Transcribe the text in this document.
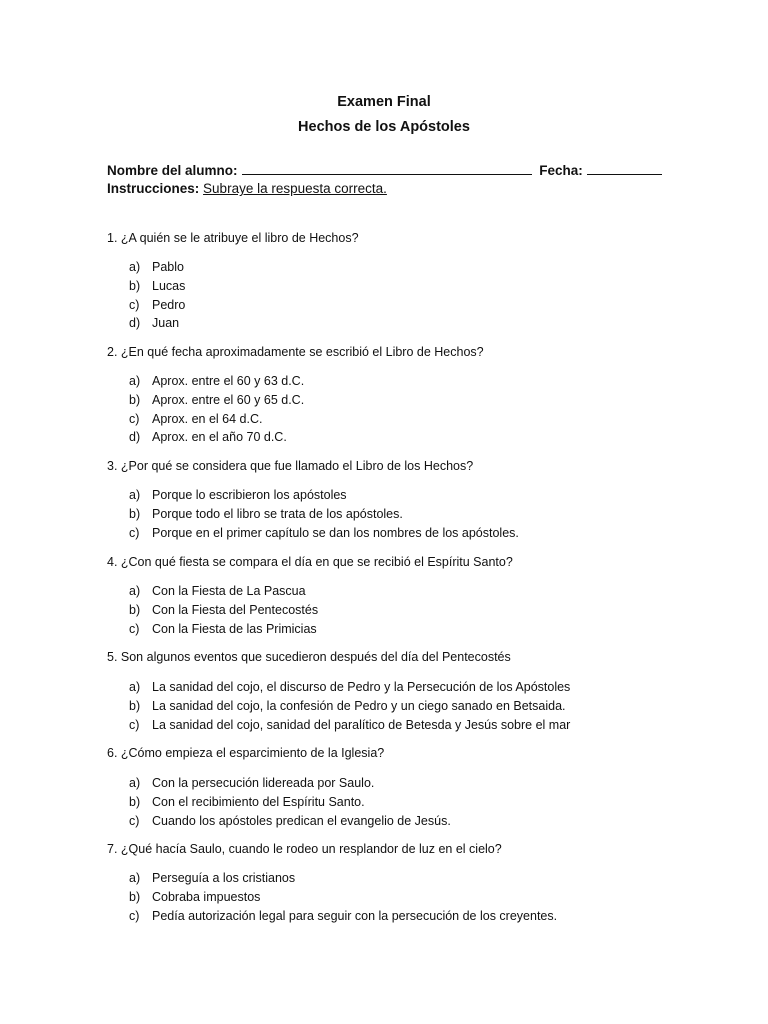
Examen Final
Hechos de los Apóstoles
Nombre del alumno:	Fecha:
Instrucciones: Subraye la respuesta correcta.
1. ¿A quién se le atribuye el libro de Hechos?
a) Pablo
b) Lucas
c) Pedro
d) Juan
2. ¿En qué fecha aproximadamente se escribió el Libro de Hechos?
a) Aprox. entre el 60 y 63 d.C.
b) Aprox. entre el 60 y 65 d.C.
c) Aprox. en el 64 d.C.
d) Aprox. en el año 70 d.C.
3. ¿Por qué se considera que fue llamado el Libro de los Hechos?
a) Porque lo escribieron los apóstoles
b) Porque todo el libro se trata de los apóstoles.
c) Porque en el primer capítulo se dan los nombres de los apóstoles.
4. ¿Con qué fiesta se compara el día en que se recibió el Espíritu Santo?
a) Con la Fiesta de La Pascua
b) Con la Fiesta del Pentecostés
c) Con la Fiesta de las Primicias
5. Son algunos eventos que sucedieron después del día del Pentecostés
a) La sanidad del cojo, el discurso de Pedro y la Persecución de los Apóstoles
b) La sanidad del cojo, la confesión de Pedro y un ciego sanado en Betsaida.
c) La sanidad del cojo, sanidad del paralítico de Betesda y Jesús sobre el mar
6. ¿Cómo empieza el esparcimiento de la Iglesia?
a) Con la persecución lidereada por Saulo.
b) Con el recibimiento del Espíritu Santo.
c) Cuando los apóstoles predican el evangelio de Jesús.
7. ¿Qué hacía Saulo, cuando le rodeo un resplandor de luz en el cielo?
a) Perseguía a los cristianos
b) Cobraba impuestos
c) Pedía autorización legal para seguir con la persecución de los creyentes.
